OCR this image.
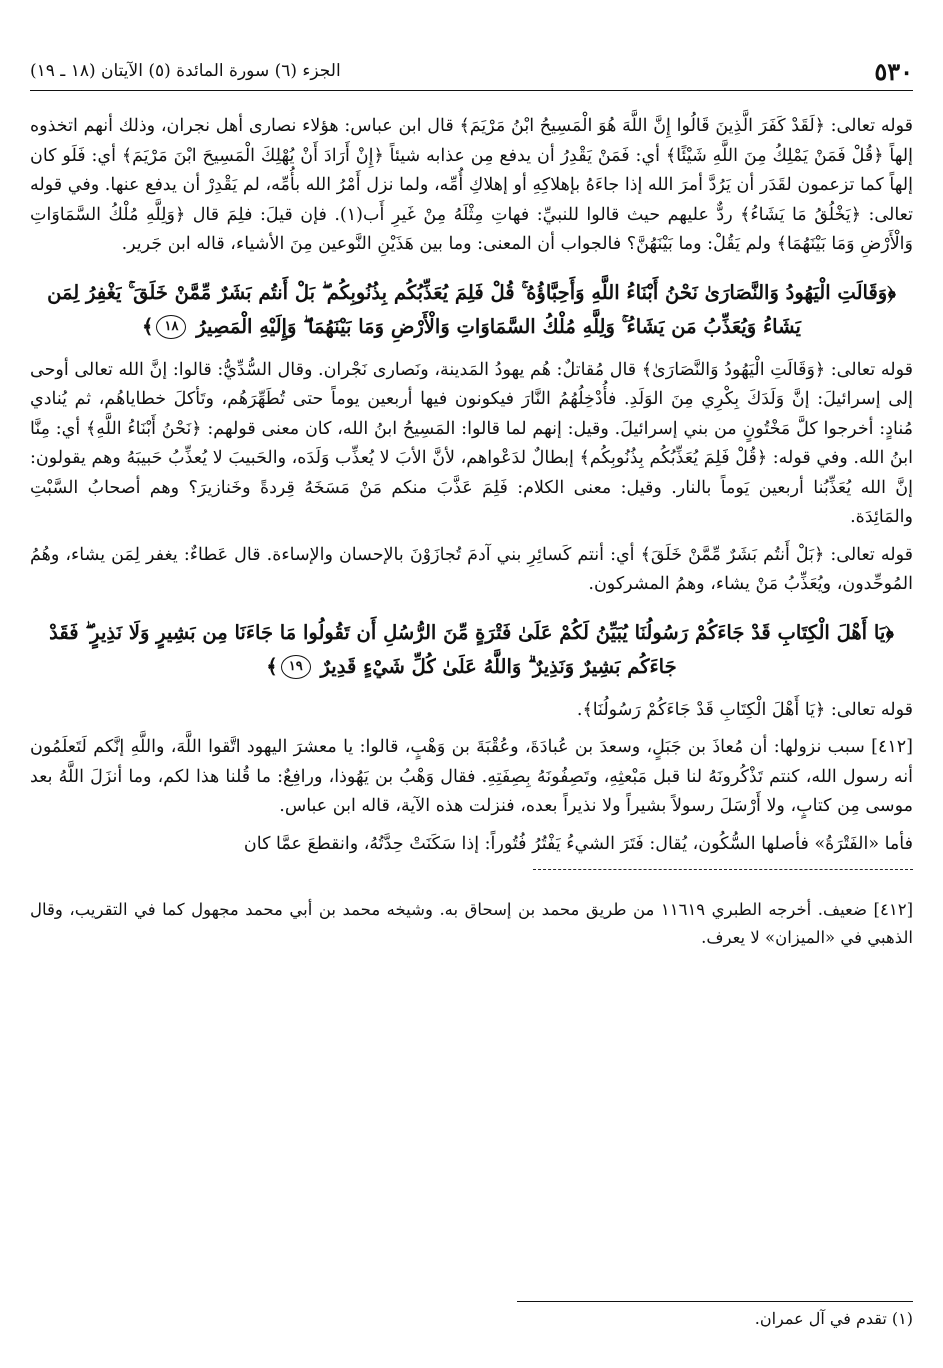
٥٣٠
الجزء (٦) سورة المائدة (٥) الآيتان (١٨ ـ ١٩)

قوله تعالى: ﴿لَقَدْ كَفَرَ الَّذِينَ قَالُوا إِنَّ اللَّهَ هُوَ الْمَسِيحُ ابْنُ مَرْيَمَ﴾ قال ابن عباس: هؤلاء نصارى أهل نجران، وذلك أنهم اتخذوه إلهاً ﴿قُلْ فَمَنْ يَمْلِكُ مِنَ اللَّهِ شَيْئًا﴾ أي: فَمَنْ يَقْدِرُ أن يدفع مِن عذابه شيئاً ﴿إِنْ أَرَادَ أَنْ يُهْلِكَ الْمَسِيحَ ابْنَ مَرْيَمَ﴾ أي: فَلَو كان إلهاً كما تزعمون لقَدَر أن يَرُدَّ أمرَ الله إذا جاءَهُ بإهلاكِهِ أو إهلاكِ أُمِّه، ولما نزل أَمْرُ الله بأُمِّه، لم يَقْدِرْ أن يدفع عنها. وفي قوله تعالى: ﴿يَخْلُقُ مَا يَشَاءُ﴾ ردٌّ عليهم حيث قالوا للنبيِّ: فهاتِ مِثْلَهُ مِنْ غَيرِ أَب(١). فإن قيلَ: فلِمَ قال ﴿وَلِلَّهِ مُلْكُ السَّمَاوَاتِ وَالْأَرْضِ وَمَا بَيْنَهُمَا﴾ ولم يَقُلْ: وما بَيْنَهُنَّ؟ فالجواب أن المعنى: وما بين هَذَيْنِ النَّوعين مِنَ الأشياء، قاله ابن جَرير.

﴿وَقَالَتِ الْيَهُودُ وَالنَّصَارَىٰ نَحْنُ أَبْنَاءُ اللَّهِ وَأَحِبَّاؤُهُ ۚ قُلْ فَلِمَ يُعَذِّبُكُم بِذُنُوبِكُم ۖ بَلْ أَنتُم بَشَرٌ مِّمَّنْ خَلَقَ ۚ يَغْفِرُ لِمَن يَشَاءُ وَيُعَذِّبُ مَن يَشَاءُ ۚ وَلِلَّهِ مُلْكُ السَّمَاوَاتِ وَالْأَرْضِ وَمَا بَيْنَهُمَا ۖ وَإِلَيْهِ الْمَصِيرُ ١٨﴾

قوله تعالى: ﴿وَقَالَتِ الْيَهُودُ وَالنَّصَارَىٰ﴾ قال مُقاتلٌ: هُم يهودُ المَدينة، ونَصارى نَجْران. وقال السُّدِّيُّ: قالوا: إنَّ الله تعالى أوحى إلى إسرائيلَ: إنَّ وَلَدَكَ بِكْرِي مِنَ الوَلَدِ. فأُدْخِلُهُمُ النَّارَ فيكونون فيها أربعين يوماً حتى تُطَهِّرَهُم، وتَأكلَ خطاياهُم، ثم يُنادي مُنادٍ: أخرجوا كلَّ مَخْتُونٍ من بني إسرائيلَ. وقيل: إنهم لما قالوا: المَسِيحُ ابنُ الله، كان معنى قولهم: ﴿نَحْنُ أَبْنَاءُ اللَّهِ﴾ أي: مِنَّا ابنُ الله. وفي قوله: ﴿قُلْ فَلِمَ يُعَذِّبُكُم بِذُنُوبِكُم﴾ إبطالٌ لدَعْواهم، لأنَّ الأبَ لا يُعذِّب وَلَدَه، والحَبيبَ لا يُعذِّبُ حَبيبَهُ وهم يقولون: إنَّ الله يُعَذِّبُنا أربعين يَوماً بالنار. وقيل: معنى الكلام: فَلِمَ عَذَّبَ منكم مَنْ مَسَخَهُ قِردةً وخَنازيرَ؟ وهم أصحابُ السَّبْتِ والمَائِدَة.

قوله تعالى: ﴿بَلْ أَنتُم بَشَرٌ مِّمَّنْ خَلَقَ﴾ أي: أنتم كَسائِرِ بني آدمَ تُجازَوْنَ بالإحسان والإساءة. قال عَطاءٌ: يغفر لِمَن يشاء، وهُمُ المُوحِّدون، ويُعَذِّبُ مَنْ يشاء، وهمُ المشركون.

﴿يَا أَهْلَ الْكِتَابِ قَدْ جَاءَكُمْ رَسُولُنَا يُبَيِّنُ لَكُمْ عَلَىٰ فَتْرَةٍ مِّنَ الرُّسُلِ أَن تَقُولُوا مَا جَاءَنَا مِن بَشِيرٍ وَلَا نَذِيرٍ ۖ فَقَدْ جَاءَكُم بَشِيرٌ وَنَذِيرٌ ۗ وَاللَّهُ عَلَىٰ كُلِّ شَيْءٍ قَدِيرٌ ١٩﴾

قوله تعالى: ﴿يَا أَهْلَ الْكِتَابِ قَدْ جَاءَكُمْ رَسُولُنَا﴾.

[٤١٢] سبب نزولها: أن مُعاذَ بن جَبَلٍ، وسعدَ بن عُبادَةَ، وعُقْبَةَ بن وَهْبٍ، قالوا: يا معشرَ اليهود اتَّقوا اللَّهَ، واللَّهِ إنَّكم لَتَعلَمُون أنه رسول الله، كنتم تَذْكُرونَهُ لنا قبل مَبْعثِهِ، وتَصِفُونَهُ بِصِفَتِهِ. فقال وَهْبُ بن يَهُوذا، ورافِعٌ: ما قُلنا هذا لكم، وما أنزَلَ اللَّهُ بعد موسى مِن كتابٍ، ولا أَرْسَلَ رسولاً بشيراً ولا نذيراً بعده، فنزلت هذه الآية، قاله ابن عباس.

فأما «الفَتْرَةُ» فأصلها السُّكُون، يُقال: فَتَرَ الشيءُ يَفْتُرُ فُتُوراً: إذا سَكَنَتْ حِدَّتُهُ، وانقطعَ عمَّا كان

[٤١٢] ضعيف. أخرجه الطبري ١١٦١٩ من طريق محمد بن إسحاق به. وشيخه محمد بن أبي محمد مجهول كما في التقريب، وقال الذهبي في «الميزان» لا يعرف.

(١) تقدم في آل عمران.
